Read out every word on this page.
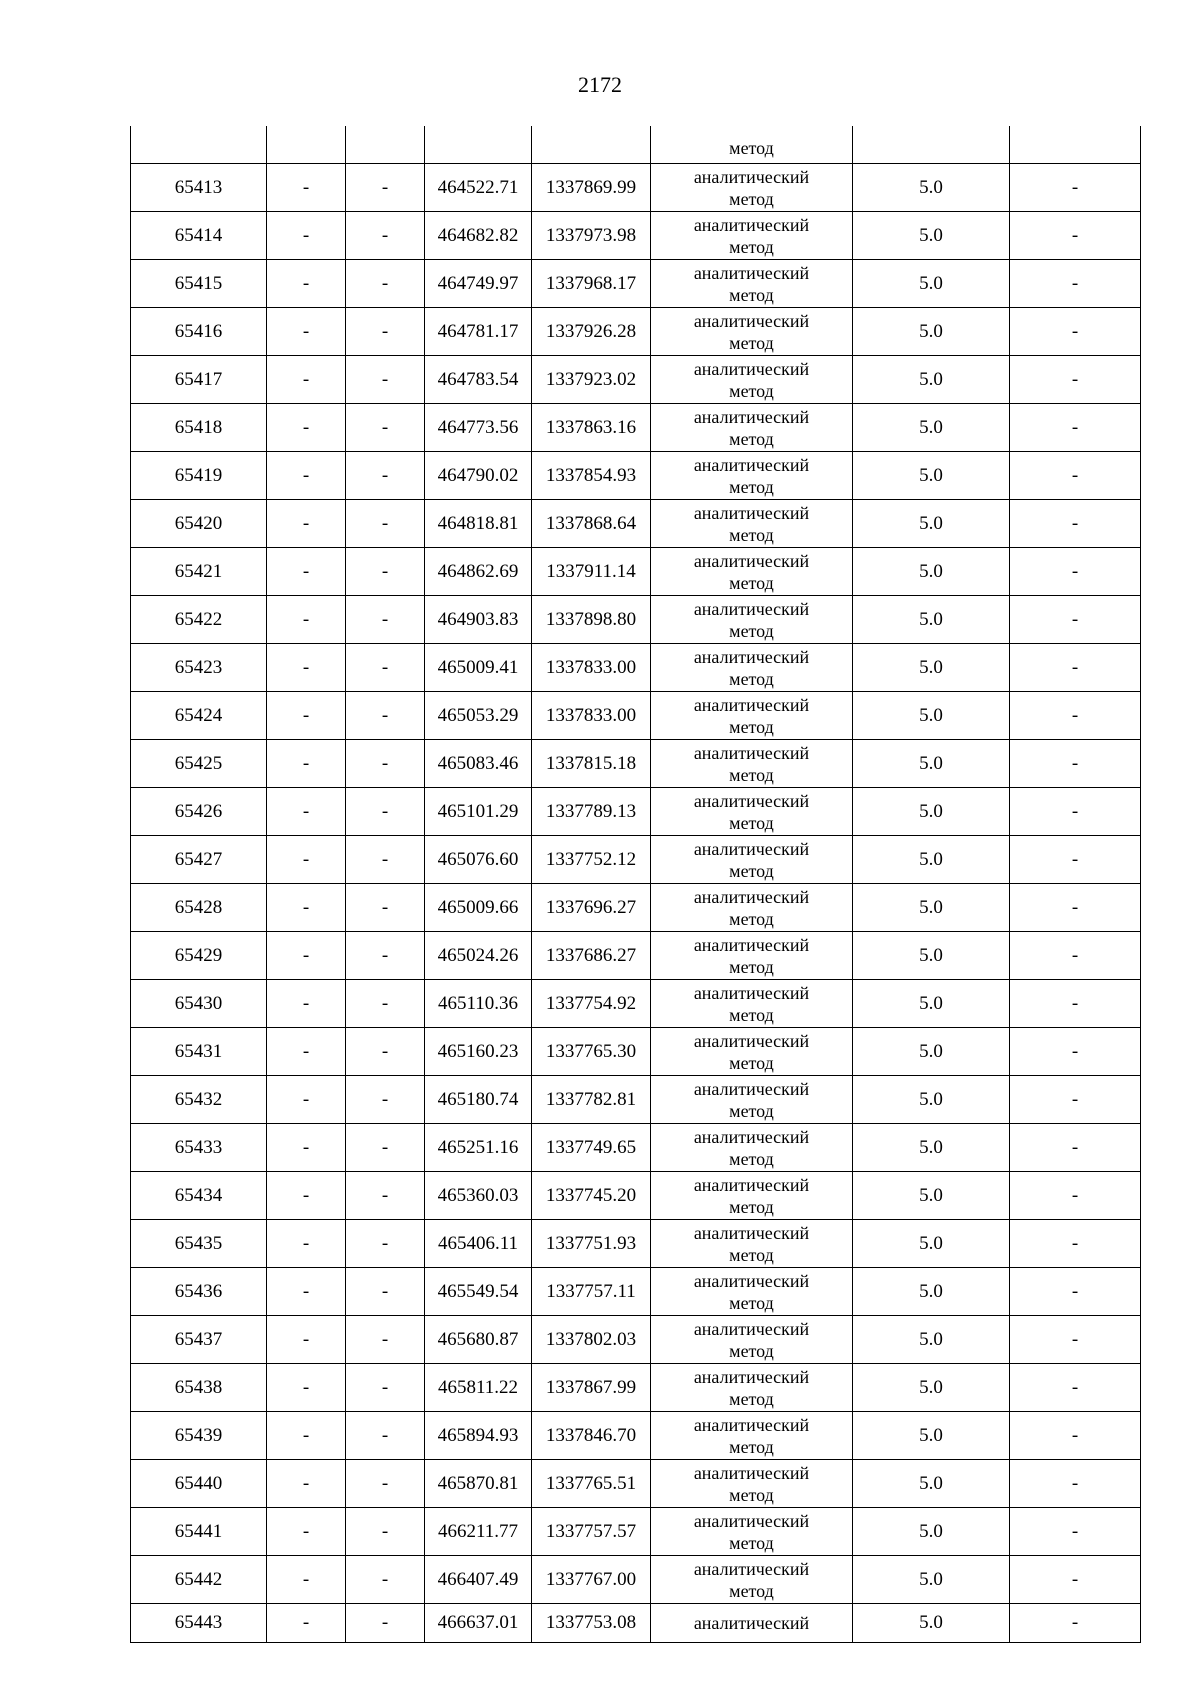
2172

					метод		

65413	-	-	464522.71	1337869.99	аналитический
метод	5.0	-
65414	-	-	464682.82	1337973.98	аналитический
метод	5.0	-
65415	-	-	464749.97	1337968.17	аналитический
метод	5.0	-
65416	-	-	464781.17	1337926.28	аналитический
метод	5.0	-
65417	-	-	464783.54	1337923.02	аналитический
метод	5.0	-
65418	-	-	464773.56	1337863.16	аналитический
метод	5.0	-
65419	-	-	464790.02	1337854.93	аналитический
метод	5.0	-
65420	-	-	464818.81	1337868.64	аналитический
метод	5.0	-
65421	-	-	464862.69	1337911.14	аналитический
метод	5.0	-
65422	-	-	464903.83	1337898.80	аналитический
метод	5.0	-
65423	-	-	465009.41	1337833.00	аналитический
метод	5.0	-
65424	-	-	465053.29	1337833.00	аналитический
метод	5.0	-
65425	-	-	465083.46	1337815.18	аналитический
метод	5.0	-
65426	-	-	465101.29	1337789.13	аналитический
метод	5.0	-
65427	-	-	465076.60	1337752.12	аналитический
метод	5.0	-
65428	-	-	465009.66	1337696.27	аналитический
метод	5.0	-
65429	-	-	465024.26	1337686.27	аналитический
метод	5.0	-
65430	-	-	465110.36	1337754.92	аналитический
метод	5.0	-
65431	-	-	465160.23	1337765.30	аналитический
метод	5.0	-
65432	-	-	465180.74	1337782.81	аналитический
метод	5.0	-
65433	-	-	465251.16	1337749.65	аналитический
метод	5.0	-
65434	-	-	465360.03	1337745.20	аналитический
метод	5.0	-
65435	-	-	465406.11	1337751.93	аналитический
метод	5.0	-
65436	-	-	465549.54	1337757.11	аналитический
метод	5.0	-
65437	-	-	465680.87	1337802.03	аналитический
метод	5.0	-
65438	-	-	465811.22	1337867.99	аналитический
метод	5.0	-
65439	-	-	465894.93	1337846.70	аналитический
метод	5.0	-
65440	-	-	465870.81	1337765.51	аналитический
метод	5.0	-
65441	-	-	466211.77	1337757.57	аналитический
метод	5.0	-
65442	-	-	466407.49	1337767.00	аналитический
метод	5.0	-
65443	-	-	466637.01	1337753.08	аналитический	5.0	-
